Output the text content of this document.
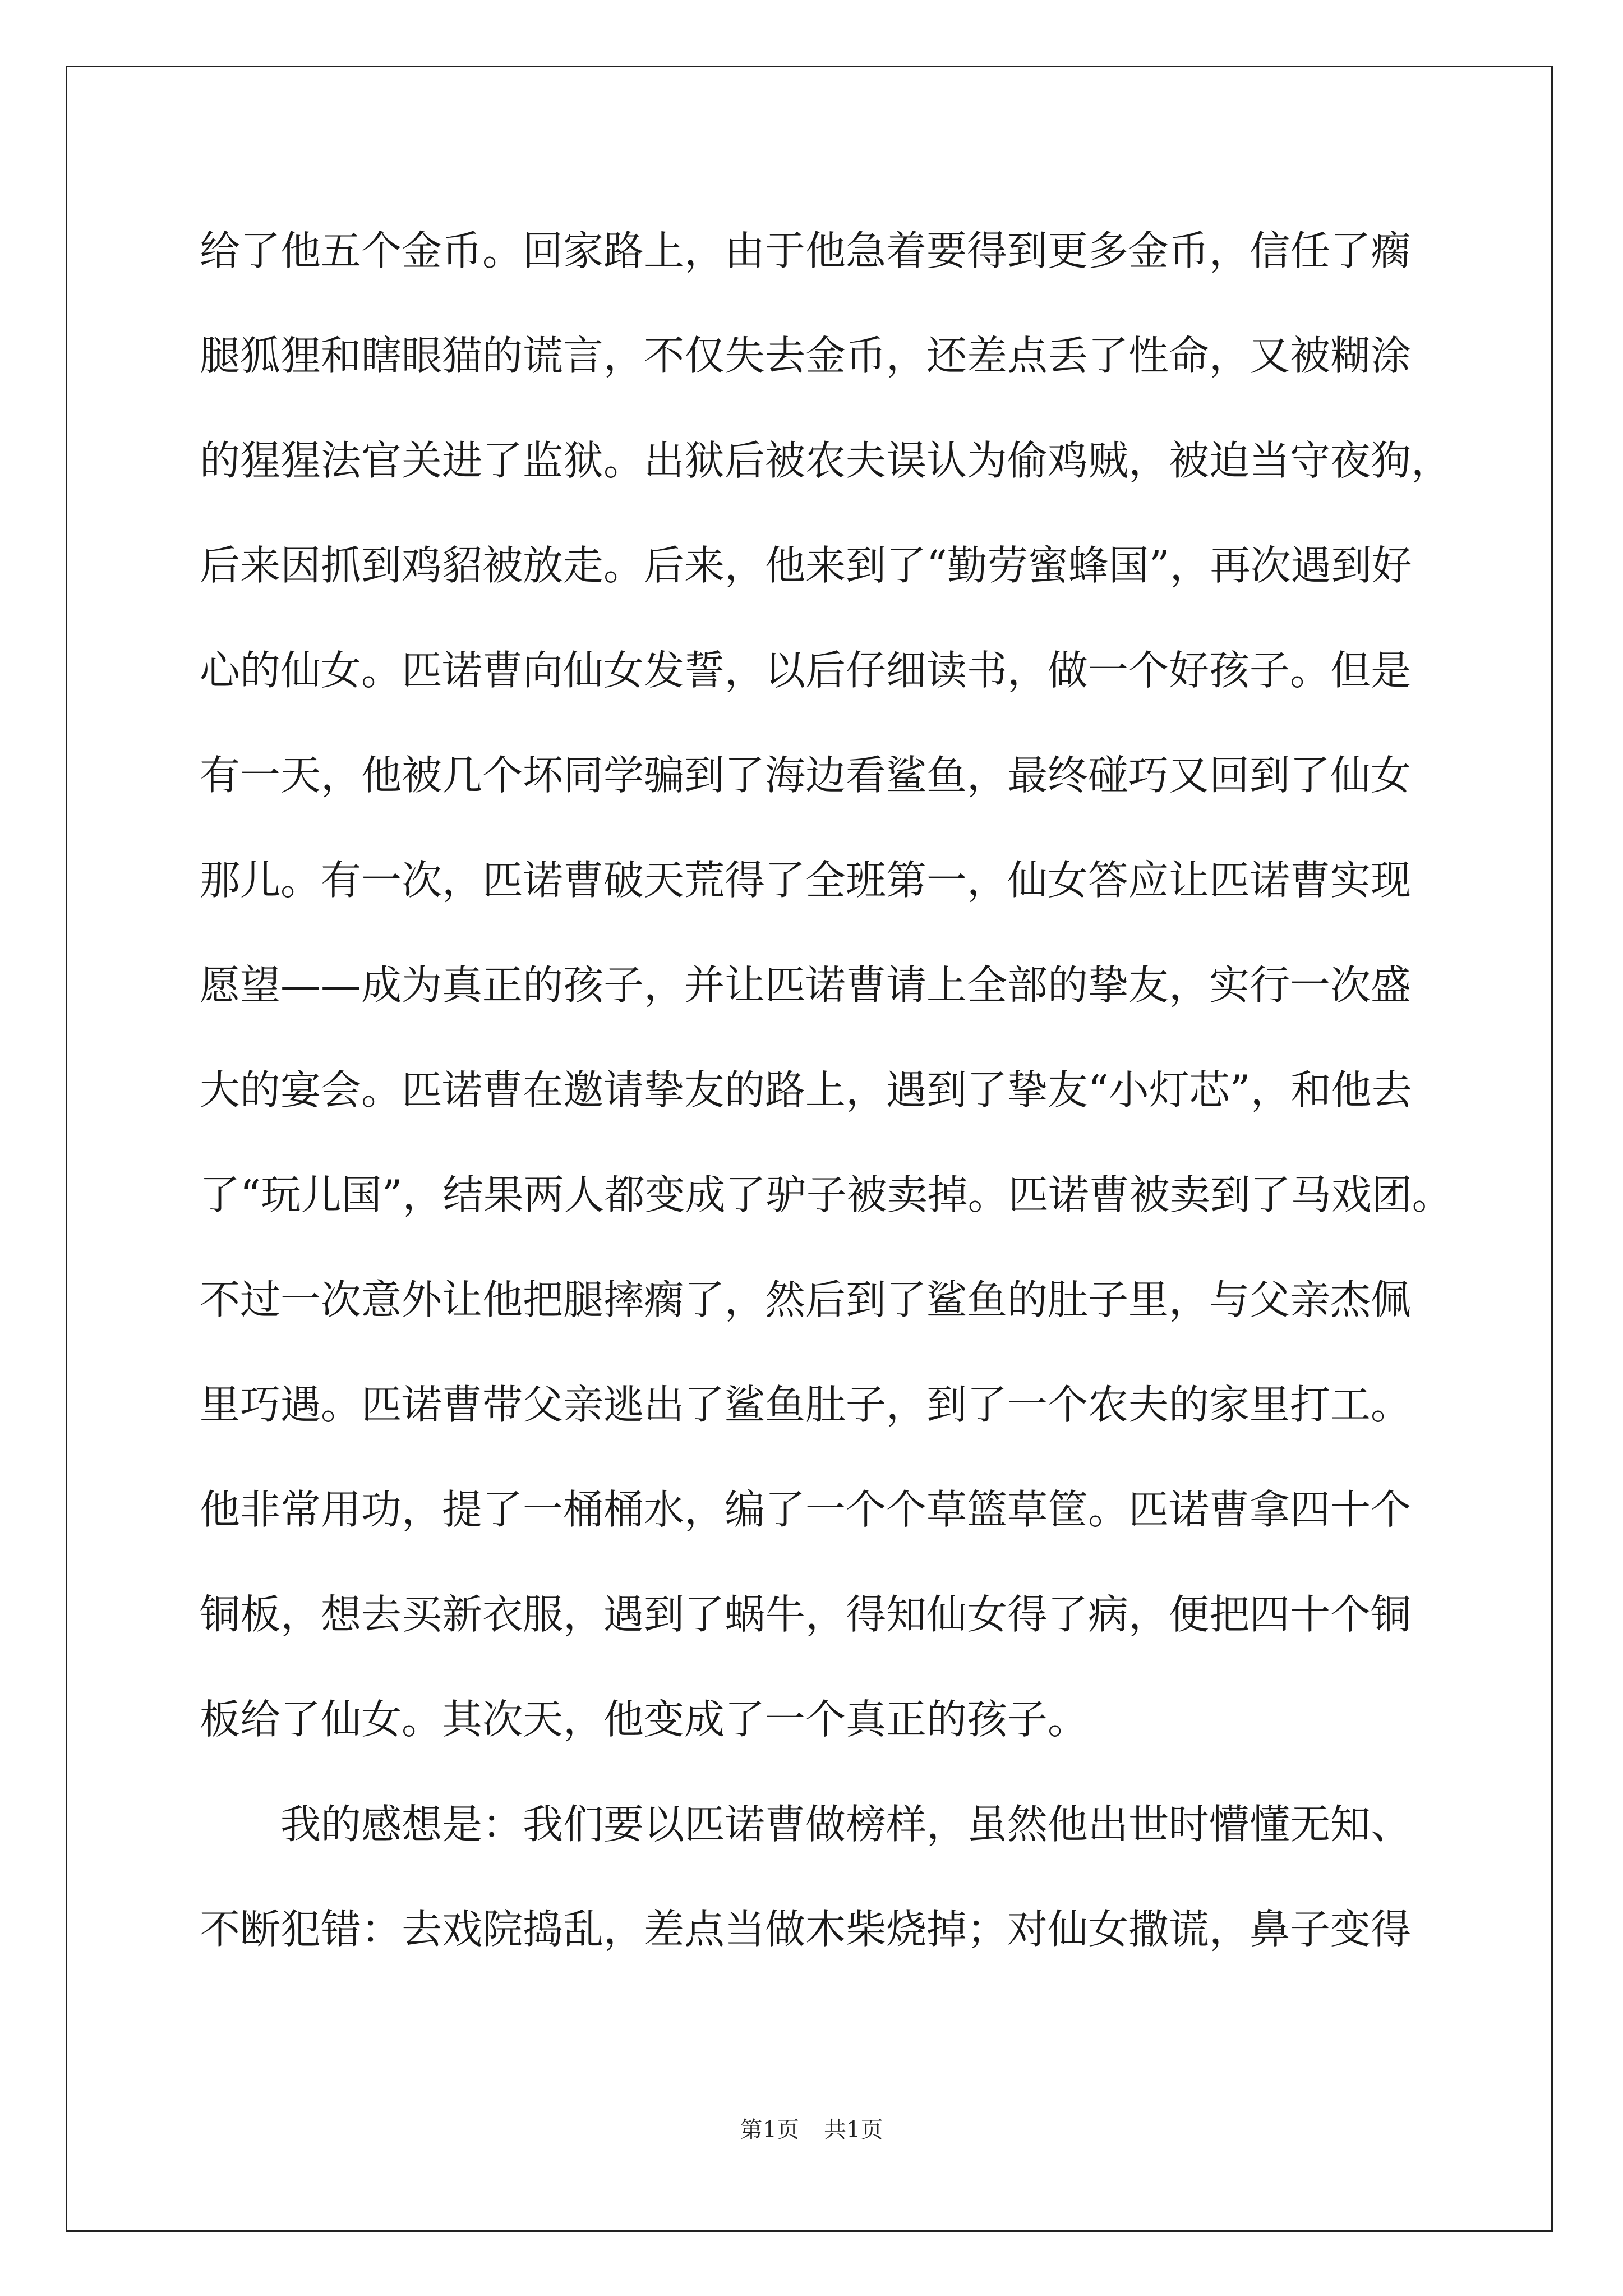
给了他五个金币。回家路上，由于他急着要得到更多金币，信任了瘸
腿狐狸和瞎眼猫的谎言，不仅失去金币，还差点丢了性命，又被糊涂
的猩猩法官关进了监狱。出狱后被农夫误认为偷鸡贼，被迫当守夜狗，
后来因抓到鸡貂被放走。后来，他来到了“勤劳蜜蜂国”，再次遇到好
心的仙女。匹诺曹向仙女发誓，以后仔细读书，做一个好孩子。但是
有一天，他被几个坏同学骗到了海边看鲨鱼，最终碰巧又回到了仙女
那儿。有一次，匹诺曹破天荒得了全班第一，仙女答应让匹诺曹实现
愿望——成为真正的孩子，并让匹诺曹请上全部的挚友，实行一次盛
大的宴会。匹诺曹在邀请挚友的路上，遇到了挚友“小灯芯”，和他去
了“玩儿国”，结果两人都变成了驴子被卖掉。匹诺曹被卖到了马戏团。
不过一次意外让他把腿摔瘸了，然后到了鲨鱼的肚子里，与父亲杰佩
里巧遇。匹诺曹带父亲逃出了鲨鱼肚子，到了一个农夫的家里打工。
他非常用功，提了一桶桶水，编了一个个草篮草筐。匹诺曹拿四十个
铜板，想去买新衣服，遇到了蜗牛，得知仙女得了病，便把四十个铜
板给了仙女。其次天，他变成了一个真正的孩子。
我的感想是：我们要以匹诺曹做榜样，虽然他出世时懵懂无知、
不断犯错：去戏院捣乱，差点当做木柴烧掉；对仙女撒谎，鼻子变得
第1页 共1页
